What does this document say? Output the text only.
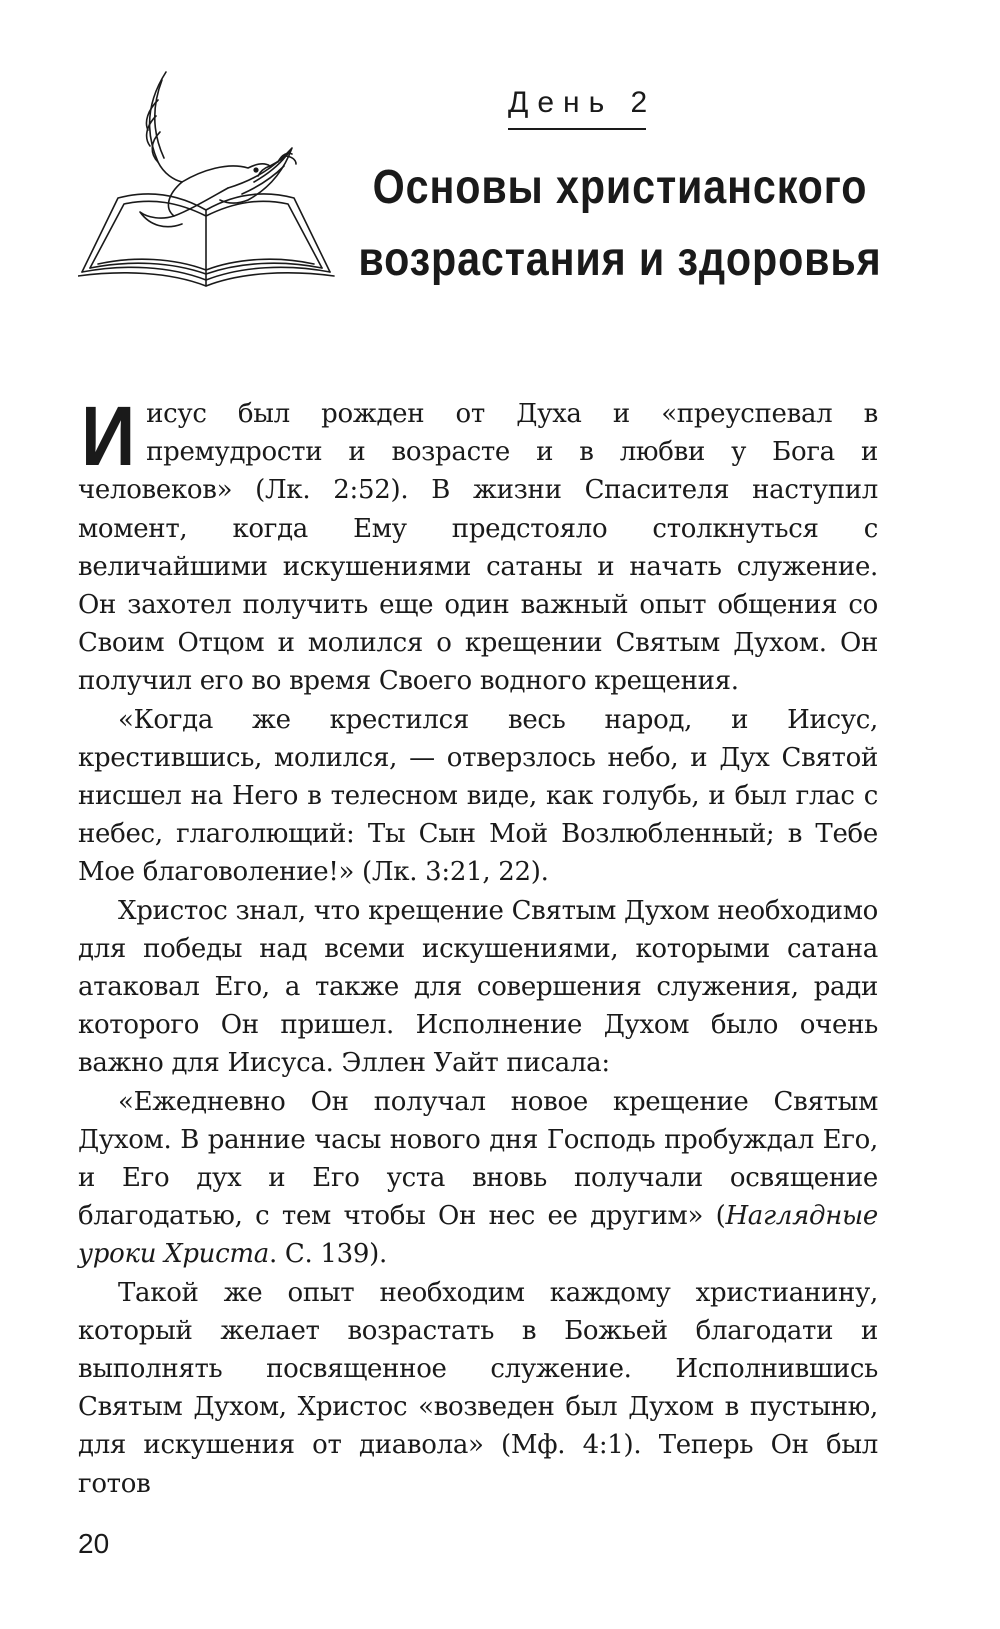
День 2
Основы христианского
возрастания и здоровья

Иисус был рожден от Духа и «преуспевал в премудрости и возрасте и в любви у Бога и человеков» (Лк. 2:52). В жизни Спасителя наступил момент, когда Ему предстояло столкнуться с величайшими искушениями сатаны и начать служение. Он захотел получить еще один важный опыт общения со Своим Отцом и молился о крещении Святым Духом. Он получил его во время Своего водного крещения.

«Когда же крестился весь народ, и Иисус, крестившись, молился, — отверзлось небо, и Дух Святой нисшел на Него в телесном виде, как голубь, и был глас с небес, глаголющий: Ты Сын Мой Возлюбленный; в Тебе Мое благоволение!» (Лк. 3:21, 22).

Христос знал, что крещение Святым Духом необходимо для победы над всеми искушениями, которыми сатана атаковал Его, а также для совершения служения, ради которого Он пришел. Исполнение Духом было очень важно для Иисуса. Эллен Уайт писала:

«Ежедневно Он получал новое крещение Святым Духом. В ранние часы нового дня Господь пробуждал Его, и Его дух и Его уста вновь получали освящение благодатью, с тем чтобы Он нес ее другим» (Наглядные уроки Христа. С. 139).

Такой же опыт необходим каждому христианину, который желает возрастать в Божьей благодати и выполнять посвященное служение. Исполнившись Святым Духом, Христос «возведен был Духом в пустыню, для искушения от диавола» (Мф. 4:1). Теперь Он был готов

20
